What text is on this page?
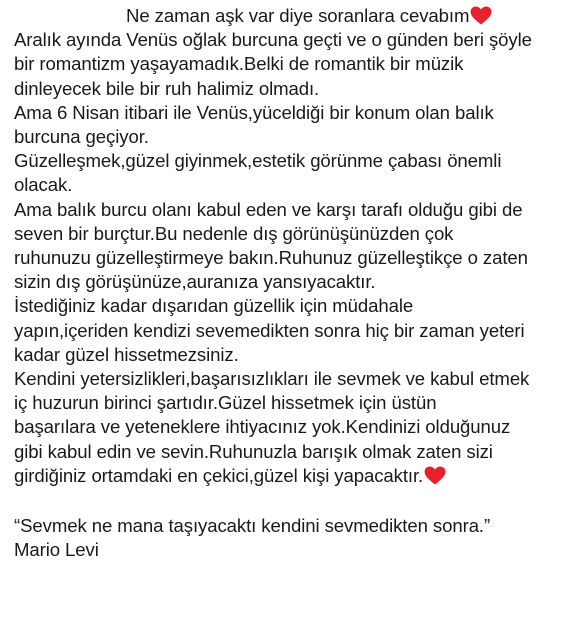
Ne zaman aşk var diye soranlara cevabım
Aralık ayında Venüs oğlak burcuna geçti ve o günden beri şöyle
bir romantizm yaşayamadık.Belki de romantik bir müzik
dinleyecek bile bir ruh halimiz olmadı.
Ama 6 Nisan itibari ile Venüs,yüceldiği bir konum olan balık
burcuna geçiyor.
Güzelleşmek,güzel giyinmek,estetik görünme çabası önemli
olacak.
Ama balık burcu olanı kabul eden ve karşı tarafı olduğu gibi de
seven bir burçtur.Bu nedenle dış görünüşünüzden çok
ruhunuzu güzelleştirmeye bakın.Ruhunuz güzelleştikçe o zaten
sizin dış görüşünüze,auranıza yansıyacaktır.
İstediğiniz kadar dışarıdan güzellik için müdahale
yapın,içeriden kendizi sevemedikten sonra hiç bir zaman yeteri
kadar güzel hissetmezsiniz.
Kendini yetersizlikleri,başarısızlıkları ile sevmek ve kabul etmek
iç huzurun birinci şartıdır.Güzel hissetmek için üstün
başarılara ve yeteneklere ihtiyacınız yok.Kendinizi olduğunuz
gibi kabul edin ve sevin.Ruhunuzla barışık olmak zaten sizi
girdiğiniz ortamdaki en çekici,güzel kişi yapacaktır.
“Sevmek ne mana taşıyacaktı kendini sevmedikten sonra.”
Mario Levi
